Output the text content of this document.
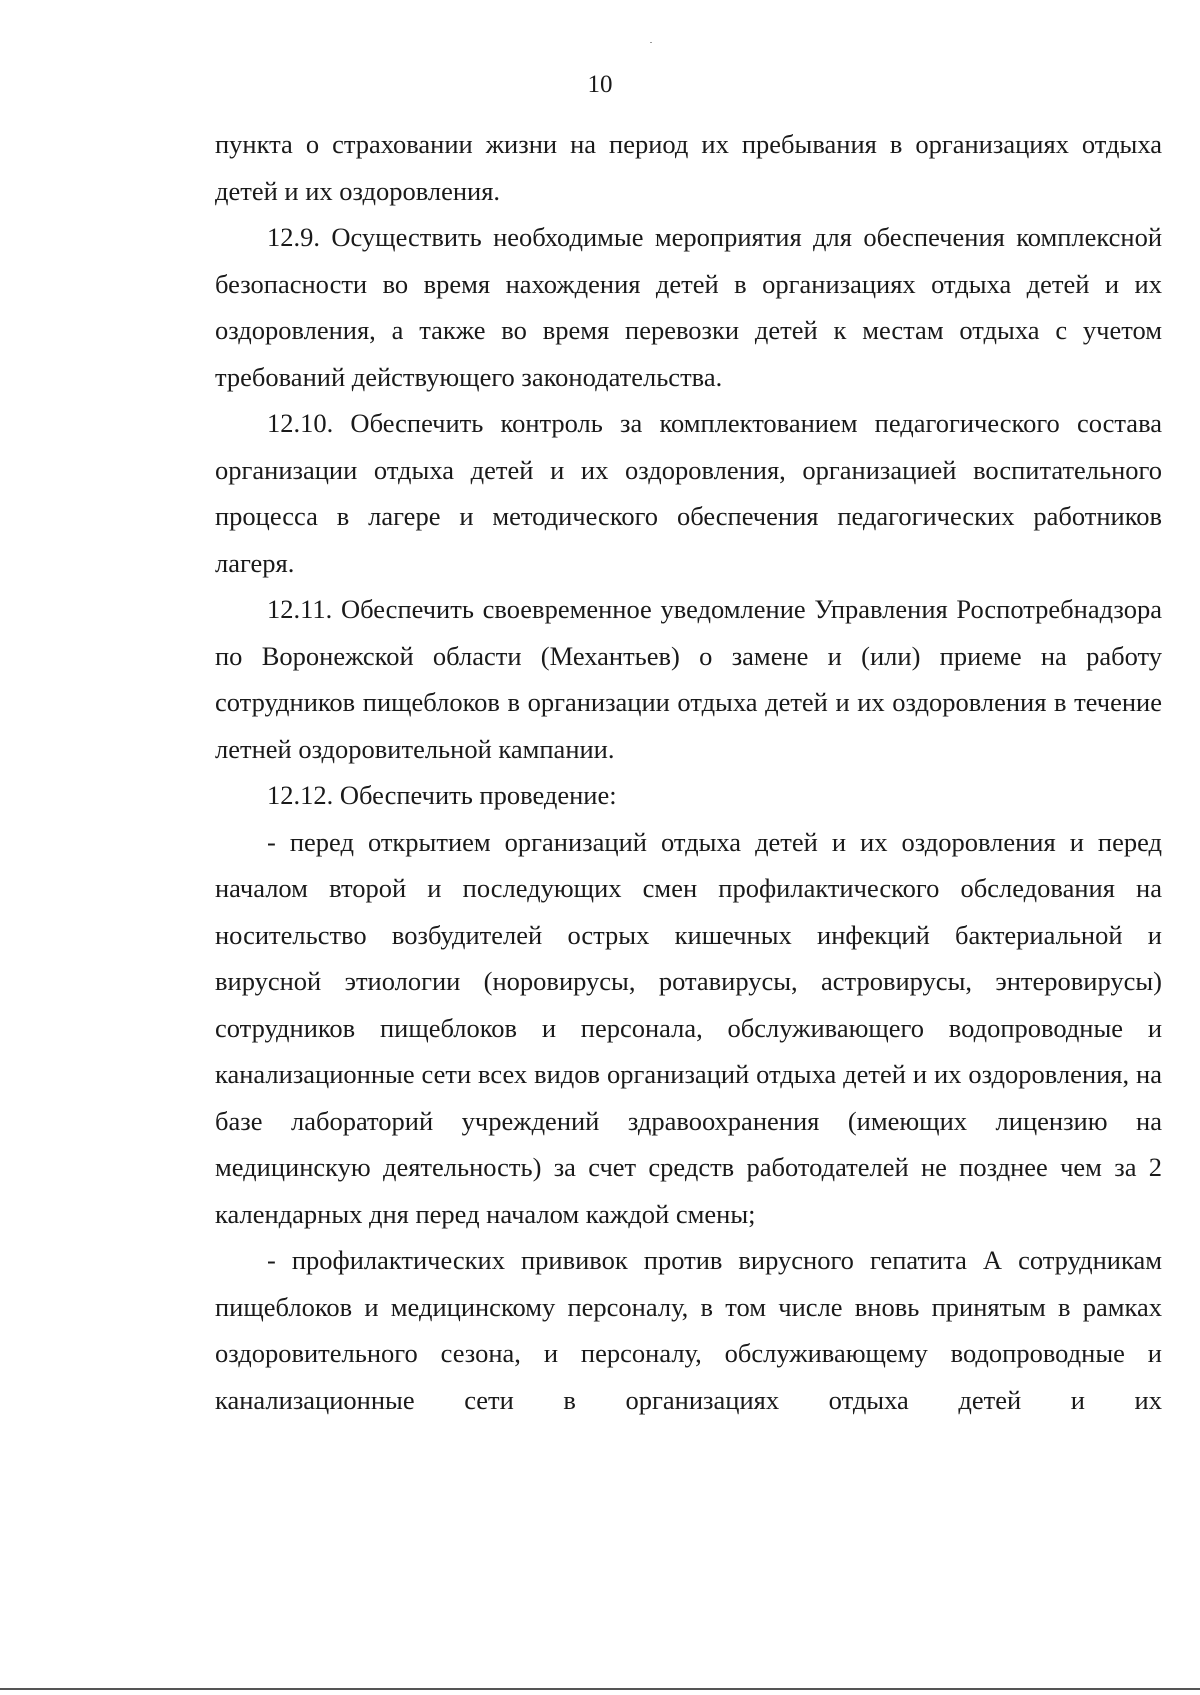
10

пункта о страховании жизни на период их пребывания в организациях отдыха детей и их оздоровления.

12.9. Осуществить необходимые мероприятия для обеспечения комплексной безопасности во время нахождения детей в организациях отдыха детей и их оздоровления, а также во время перевозки детей к местам отдыха с учетом требований действующего законодательства.

12.10. Обеспечить контроль за комплектованием педагогического состава организации отдыха детей и их оздоровления, организацией воспитательного процесса в лагере и методического обеспечения педагогических работников лагеря.

12.11. Обеспечить своевременное уведомление Управления Роспотребнадзора по Воронежской области (Механтьев) о замене и (или) приеме на работу сотрудников пищеблоков в организации отдыха детей и их оздоровления в течение летней оздоровительной кампании.

12.12. Обеспечить проведение:

- перед открытием организаций отдыха детей и их оздоровления и перед началом второй и последующих смен профилактического обследования на носительство возбудителей острых кишечных инфекций бактериальной и вирусной этиологии (норовирусы, ротавирусы, астровирусы, энтеровирусы) сотрудников пищеблоков и персонала, обслуживающего водопроводные и канализационные сети всех видов организаций отдыха детей и их оздоровления, на базе лабораторий учреждений здравоохранения (имеющих лицензию на медицинскую деятельность) за счет средств работодателей не позднее чем за 2 календарных дня перед началом каждой смены;

- профилактических прививок против вирусного гепатита А сотрудникам пищеблоков и медицинскому персоналу, в том числе вновь принятым в рамках оздоровительного сезона, и персоналу, обслуживающему водопроводные и канализационные сети в организациях отдыха детей и их
